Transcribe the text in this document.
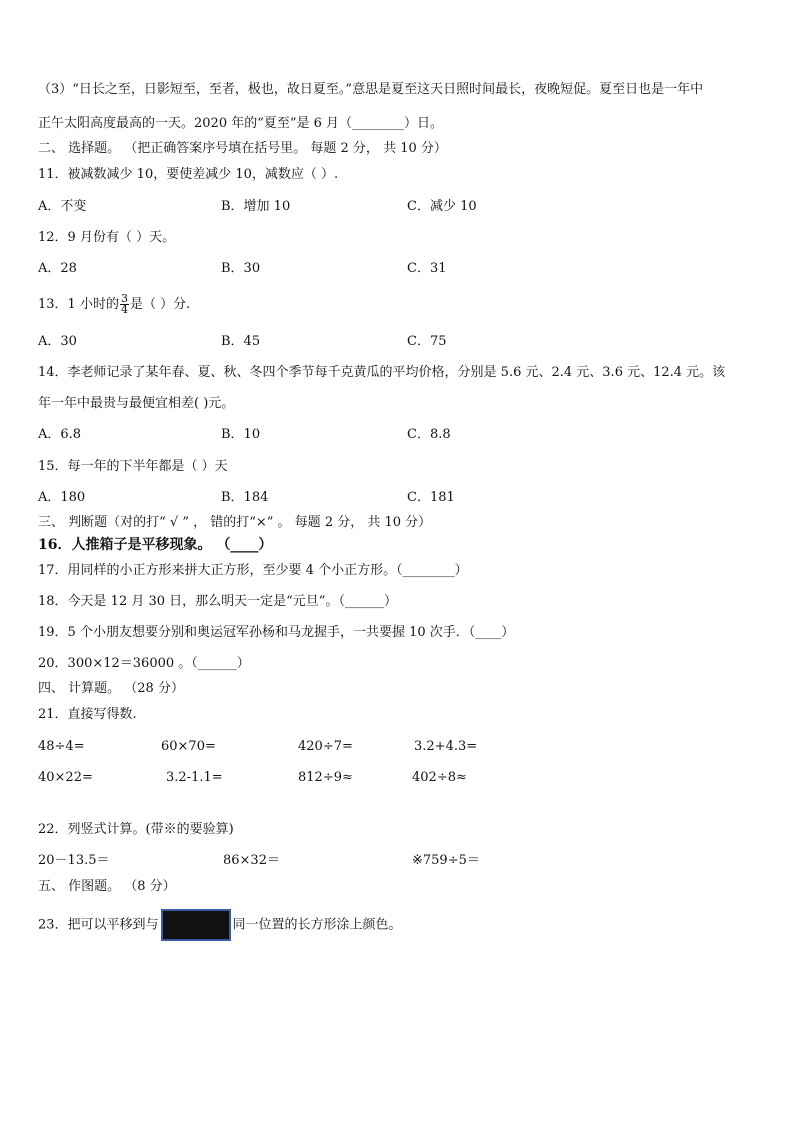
（3）“日长之至，日影短至，至者，极也，故日夏至。”意思是夏至这天日照时间最长，夜晚短促。夏至日也是一年中
正午太阳高度最高的一天。2020 年的“夏至”是 6 月（________）日。
二、 选择题。 （把正确答案序号填在括号里。 每题 2 分， 共 10 分）
11．被减数减少 10，要使差减少 10，减数应（ ）.
A．不变	B．增加 10	C．减少 10
12．9 月份有（ ）天。
A．28	B．30	C．31
13．1 小时的 $\frac{3}{4}$ 是（ ）分.
A．30	B．45	C．75
14．李老师记录了某年春、夏、秋、冬四个季节每千克黄瓜的平均价格，分别是 5.6 元、2.4 元、3.6 元、12.4 元。该
年一年中最贵与最便宜相差( )元。
A．6.8	B．10	C．8.8
15．每一年的下半年都是（ ）天
A．180	B．184	C．181
三、 判断题（对的打“ √ ” ， 错的打“×” 。 每题 2 分， 共 10 分）
16．人推箱子是平移现象。 （____）
17．用同样的小正方形来拼大正方形，至少要 4 个小正方形。（________）
18．今天是 12 月 30 日，那么明天一定是“元旦”。（______）
19．5 个小朋友想要分别和奥运冠军孙杨和马龙握手，一共要握 10 次手．（____）
20．300×12＝36000 。（______）
四、 计算题。 （28 分）
21．直接写得数.
48÷4=	60×70=	420÷7=	3.2+4.3=
40×22=	3.2-1.1=	812÷9≈	402÷8≈
22．列竖式计算。(带※的要验算)
20－13.5＝	86×32＝	※759÷5＝
五、 作图题。 （8 分）
23．把可以平移到与	同一位置的长方形涂上颜色。
